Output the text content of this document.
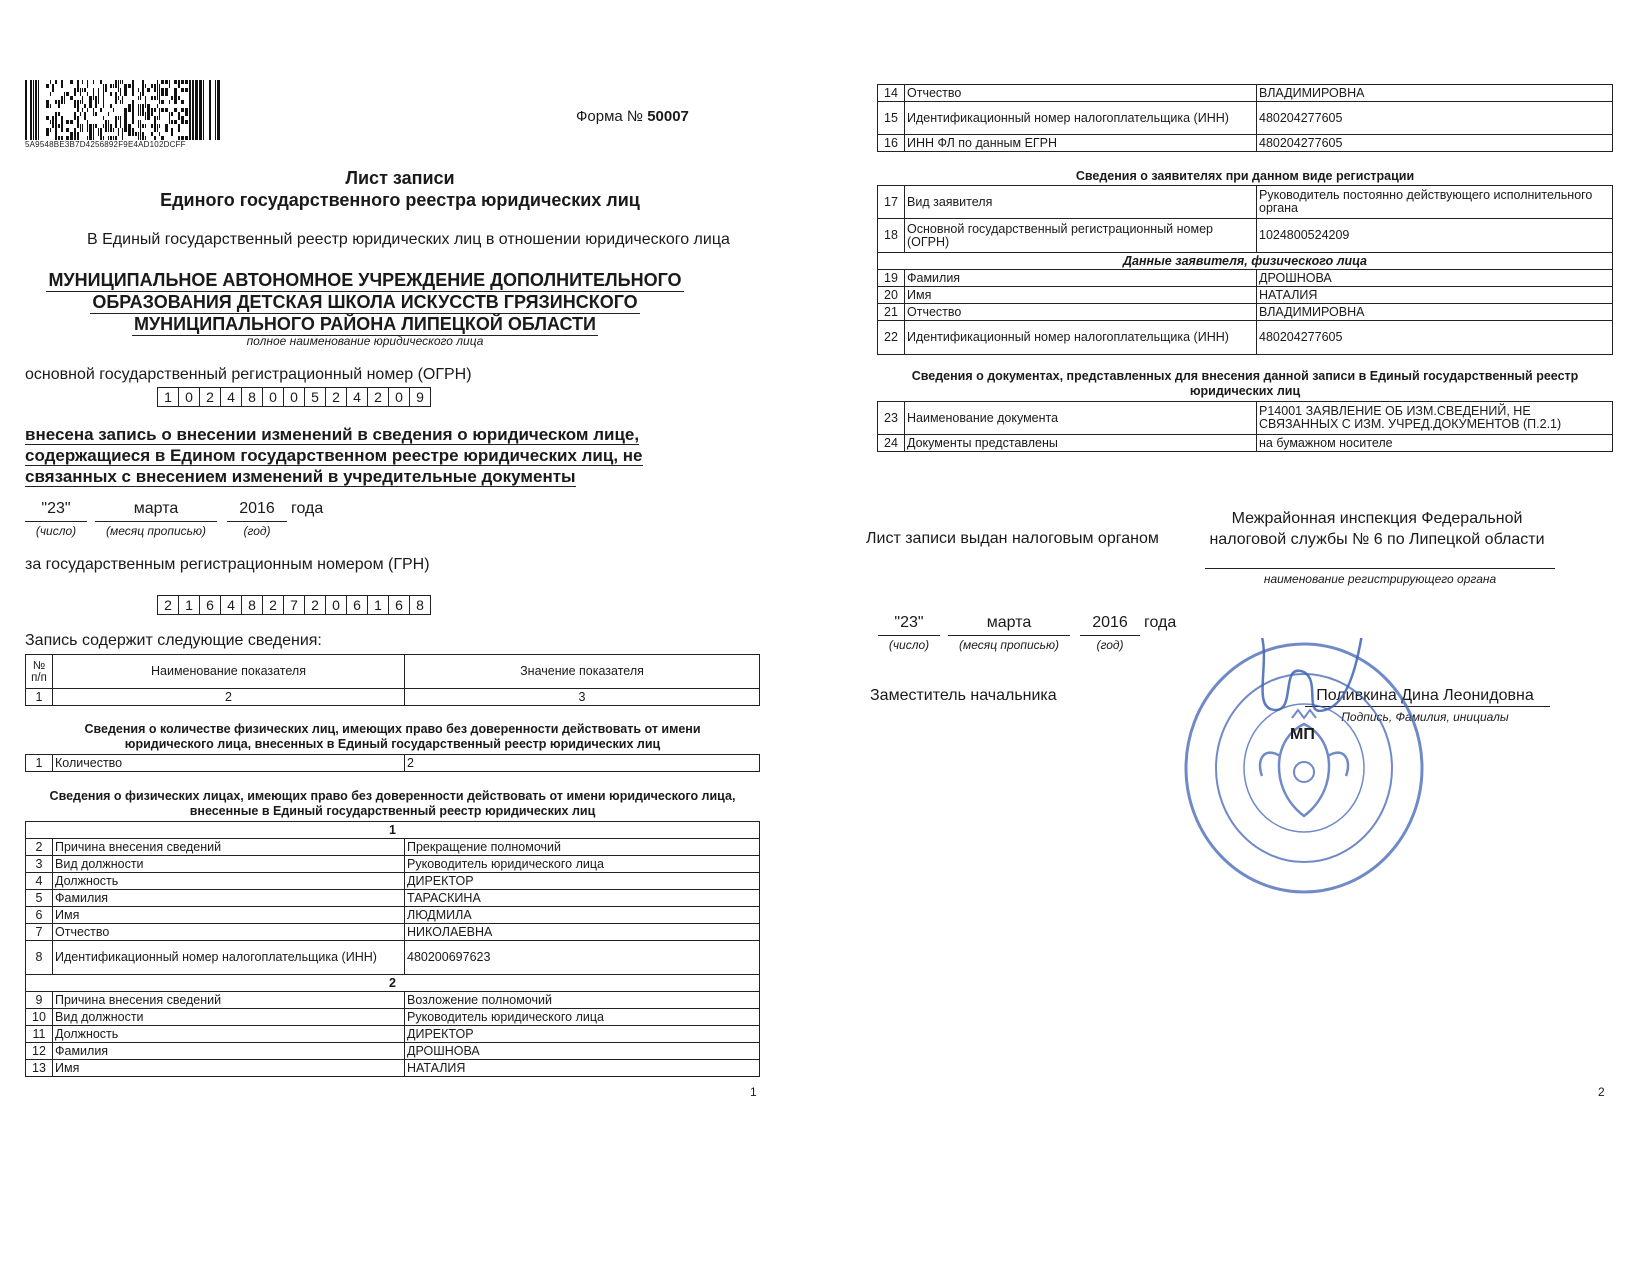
5A9548BE3B7D4256892F9E4AD102DCFF
Форма № 50007
Лист записи
Единого государственного реестра юридических лиц
В Единый государственный реестр юридических лиц в отношении юридического лица
МУНИЦИПАЛЬНОЕ АВТОНОМНОЕ УЧРЕЖДЕНИЕ ДОПОЛНИТЕЛЬНОГО
ОБРАЗОВАНИЯ ДЕТСКАЯ ШКОЛА ИСКУССТВ ГРЯЗИНСКОГО
МУНИЦИПАЛЬНОГО РАЙОНА ЛИПЕЦКОЙ ОБЛАСТИ
полное наименование юридического лица
основной государственный регистрационный номер (ОГРН)
1 0 2 4 8 0 0 5 2 4 2 0 9
внесена запись о внесении изменений в сведения о юридическом лице,
содержащиеся в Едином государственном реестре юридических лиц, не
связанных с внесением изменений в учредительные документы
"23"	марта	2016	года
(число)	(месяц прописью)	(год)
за государственным регистрационным номером (ГРН)
2 1 6 4 8 2 7 2 0 6 1 6 8
Запись содержит следующие сведения:
№ п/п	Наименование показателя	Значение показателя
1	2	3
Сведения о количестве физических лиц, имеющих право без доверенности действовать от имени юридического лица, внесенных в Единый государственный реестр юридических лиц
1	Количество	2
Сведения о физических лицах, имеющих право без доверенности действовать от имени юридического лица, внесенные в Единый государственный реестр юридических лиц
1		
2	Причина внесения сведений	Прекращение полномочий
3	Вид должности	Руководитель юридического лица
4	Должность	ДИРЕКТОР
5	Фамилия	ТАРАСКИНА
6	Имя	ЛЮДМИЛА
7	Отчество	НИКОЛАЕВНА
8	Идентификационный номер налогоплательщика (ИНН)	480200697623
2		
9	Причина внесения сведений	Возложение полномочий
10	Вид должности	Руководитель юридического лица
11	Должность	ДИРЕКТОР
12	Фамилия	ДРОШНОВА
13	Имя	НАТАЛИЯ
1
14	Отчество	ВЛАДИМИРОВНА
15	Идентификационный номер налогоплательщика (ИНН)	480204277605
16	ИНН ФЛ по данным ЕГРН	480204277605
Сведения о заявителях при данном виде регистрации
17	Вид заявителя	Руководитель постоянно действующего исполнительного органа
18	Основной государственный регистрационный номер (ОГРН)	1024800524209
Данные заявителя, физического лица		
19	Фамилия	ДРОШНОВА
20	Имя	НАТАЛИЯ
21	Отчество	ВЛАДИМИРОВНА
22	Идентификационный номер налогоплательщика (ИНН)	480204277605
Сведения о документах, представленных для внесения данной записи в Единый государственный реестр юридических лиц
23	Наименование документа	Р14001 ЗАЯВЛЕНИЕ ОБ ИЗМ.СВЕДЕНИЙ, НЕ СВЯЗАННЫХ С ИЗМ. УЧРЕД.ДОКУМЕНТОВ (П.2.1)
24	Документы представлены	на бумажном носителе
Лист записи выдан налоговым органом
Межрайонная инспекция Федеральной налоговой службы № 6 по Липецкой области
наименование регистрирующего органа
"23"	марта	2016	года
(число)	(месяц прописью)	(год)
Заместитель начальника	Поливкина Дина Леонидовна
Подпись, Фамилия, инициалы
МП
2
